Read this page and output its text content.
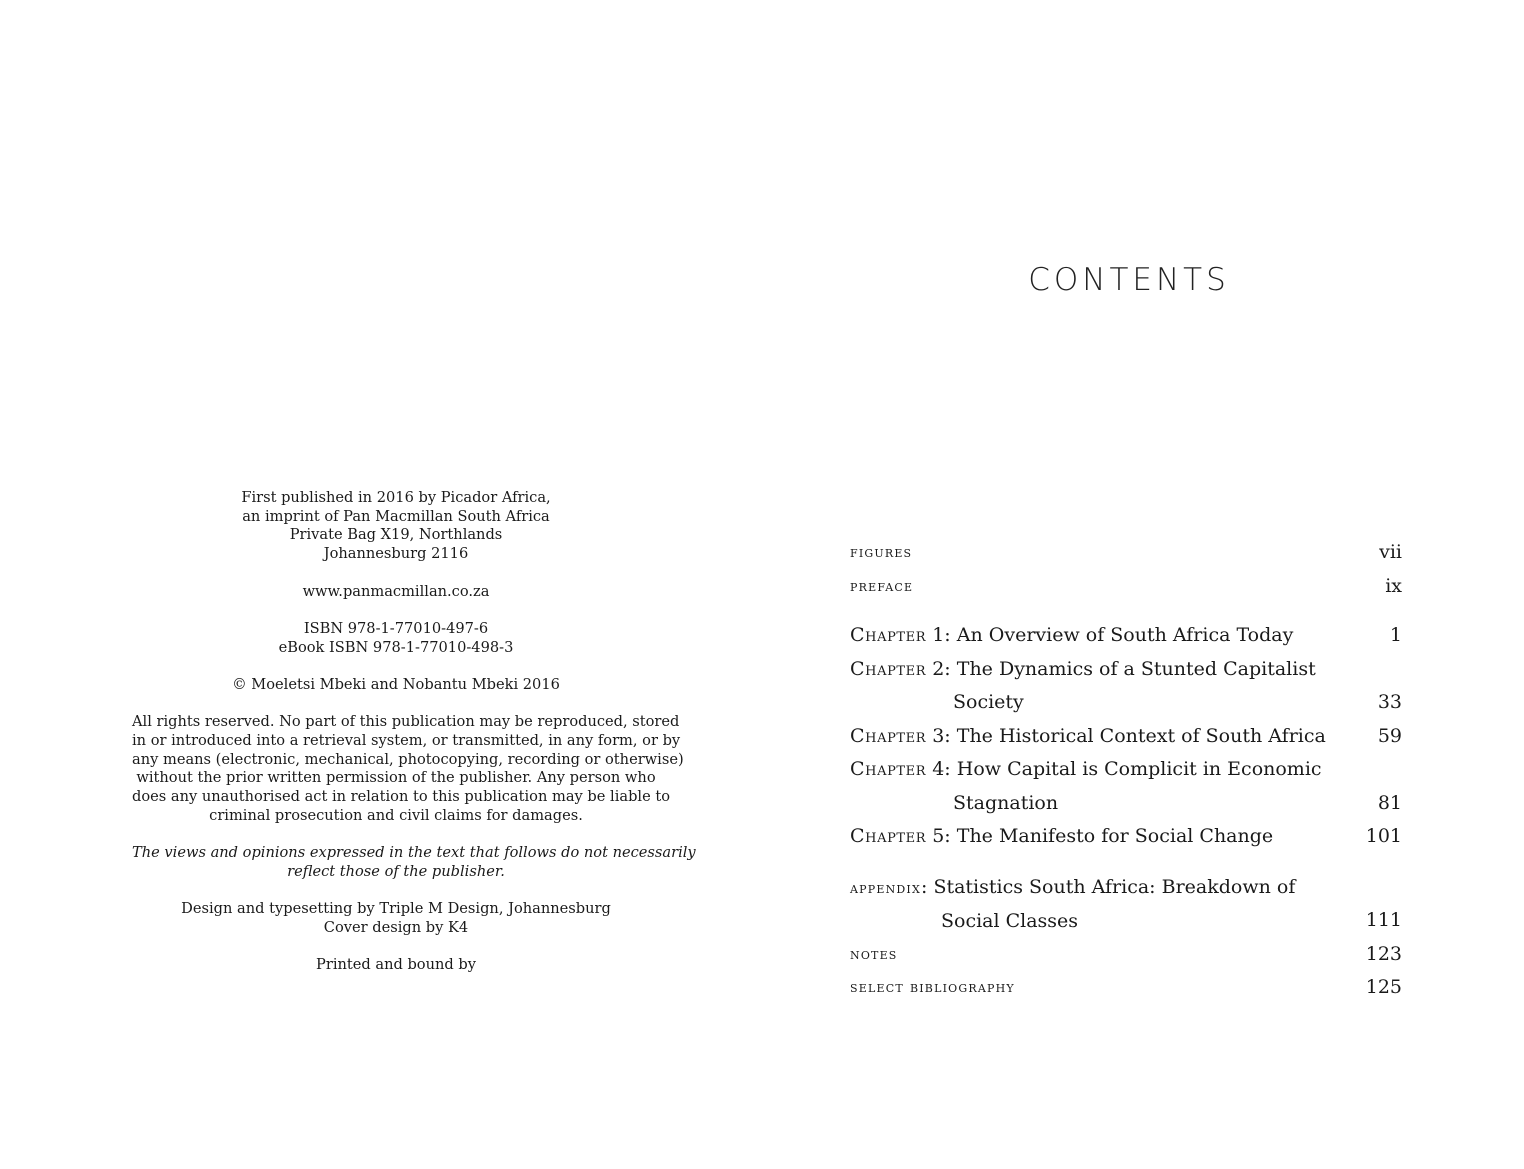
First published in 2016 by Picador Africa,
an imprint of Pan Macmillan South Africa
Private Bag X19, Northlands
Johannesburg 2116
www.panmacmillan.co.za
ISBN 978-1-77010-497-6
eBook ISBN 978-1-77010-498-3
© Moeletsi Mbeki and Nobantu Mbeki 2016
All rights reserved. No part of this publication may be reproduced, stored
in or introduced into a retrieval system, or transmitted, in any form, or by
any means (electronic, mechanical, photocopying, recording or otherwise)
without the prior written permission of the publisher. Any person who
does any unauthorised act in relation to this publication may be liable to
criminal prosecution and civil claims for damages.
The views and opinions expressed in the text that follows do not necessarily
reflect those of the publisher.
Design and typesetting by Triple M Design, Johannesburg
Cover design by K4
Printed and bound by
CONTENTS
figures	vii
preface	ix
Chapter 1: An Overview of South Africa Today	1
Chapter 2: The Dynamics of a Stunted Capitalist
Society	33
Chapter 3: The Historical Context of South Africa	59
Chapter 4: How Capital is Complicit in Economic
Stagnation	81
Chapter 5: The Manifesto for Social Change	101
appendix: Statistics South Africa: Breakdown of
Social Classes	111
notes	123
select bibliography	125
